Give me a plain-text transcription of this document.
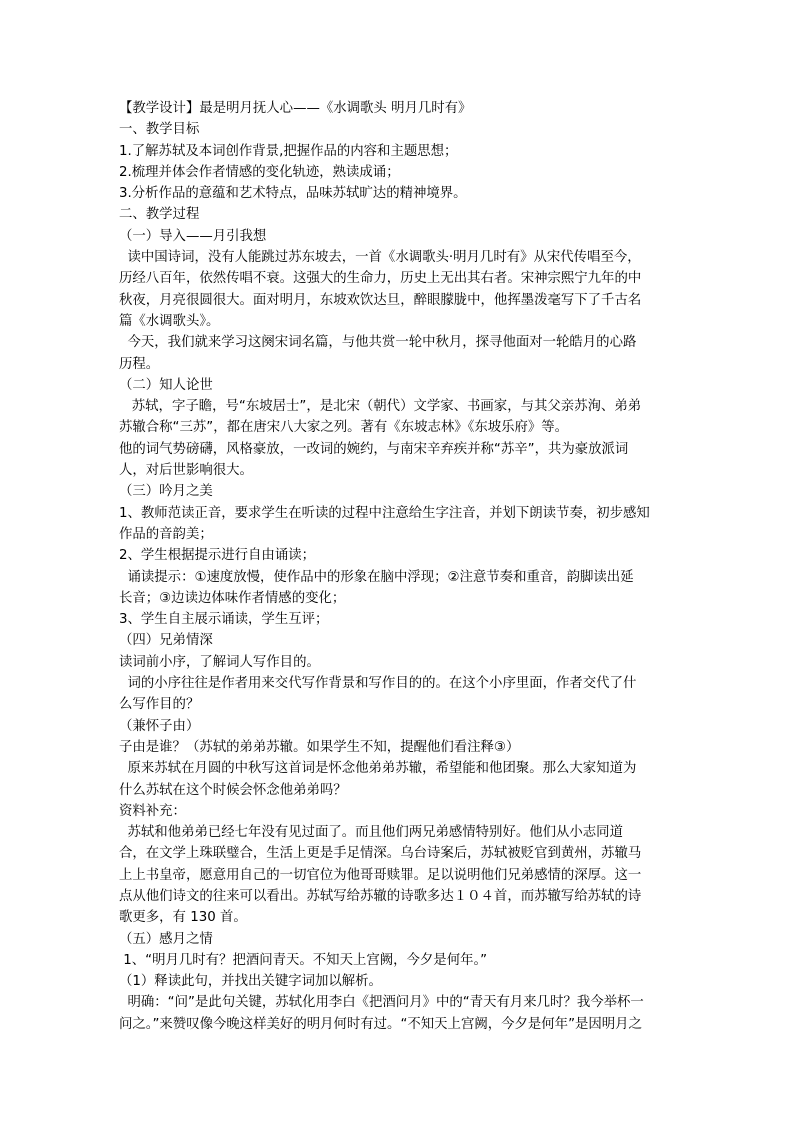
【教学设计】最是明月抚人心——《水调歌头 明月几时有》
一、教学目标
1.了解苏轼及本词创作背景,把握作品的内容和主题思想；
2.梳理并体会作者情感的变化轨迹，熟读成诵；
3.分析作品的意蕴和艺术特点，品味苏轼旷达的精神境界。
二、教学过程
（一）导入——月引我想
读中国诗词，没有人能跳过苏东坡去，一首《水调歌头·明月几时有》从宋代传唱至今，
历经八百年，依然传唱不衰。这强大的生命力，历史上无出其右者。宋神宗熙宁九年的中
秋夜，月亮很圆很大。面对明月，东坡欢饮达旦，醉眼朦胧中，他挥墨泼毫写下了千古名
篇《水调歌头》。
今天，我们就来学习这阕宋词名篇，与他共赏一轮中秋月，探寻他面对一轮皓月的心路
历程。
（二）知人论世
苏轼，字子瞻，号“东坡居士”，是北宋（朝代）文学家、书画家，与其父亲苏洵、弟弟
苏辙合称“三苏”，都在唐宋八大家之列。著有《东坡志林》《东坡乐府》等。
他的词气势磅礴，风格豪放，一改词的婉约，与南宋辛弃疾并称“苏辛”，共为豪放派词
人，对后世影响很大。
（三）吟月之美
1、教师范读正音，要求学生在听读的过程中注意给生字注音，并划下朗读节奏，初步感知
作品的音韵美；
2、学生根据提示进行自由诵读；
诵读提示：①速度放慢，使作品中的形象在脑中浮现；②注意节奏和重音，韵脚读出延
长音；③边读边体味作者情感的变化；
3、学生自主展示诵读，学生互评；
（四）兄弟情深
读词前小序，了解词人写作目的。
词的小序往往是作者用来交代写作背景和写作目的的。在这个小序里面，作者交代了什
么写作目的？
（兼怀子由）
子由是谁？（苏轼的弟弟苏辙。如果学生不知，提醒他们看注释③）
原来苏轼在月圆的中秋写这首词是怀念他弟弟苏辙，希望能和他团聚。那么大家知道为
什么苏轼在这个时候会怀念他弟弟吗？
资料补充：
苏轼和他弟弟已经七年没有见过面了。而且他们两兄弟感情特别好。他们从小志同道
合，在文学上珠联璧合，生活上更是手足情深。乌台诗案后，苏轼被贬官到黄州，苏辙马
上上书皇帝，愿意用自己的一切官位为他哥哥赎罪。足以说明他们兄弟感情的深厚。这一
点从他们诗文的往来可以看出。苏轼写给苏辙的诗歌多达１０４首，而苏辙写给苏轼的诗
歌更多，有 130 首。
（五）感月之情
1、“明月几时有？把酒问青天。不知天上宫阙，今夕是何年。”
（1）释读此句，并找出关键字词加以解析。
明确：“问”是此句关键，苏轼化用李白《把酒问月》中的“青天有月来几时？我今举杯一
问之。”来赞叹像今晚这样美好的明月何时有过。“不知天上宫阙，今夕是何年”是因明月之
